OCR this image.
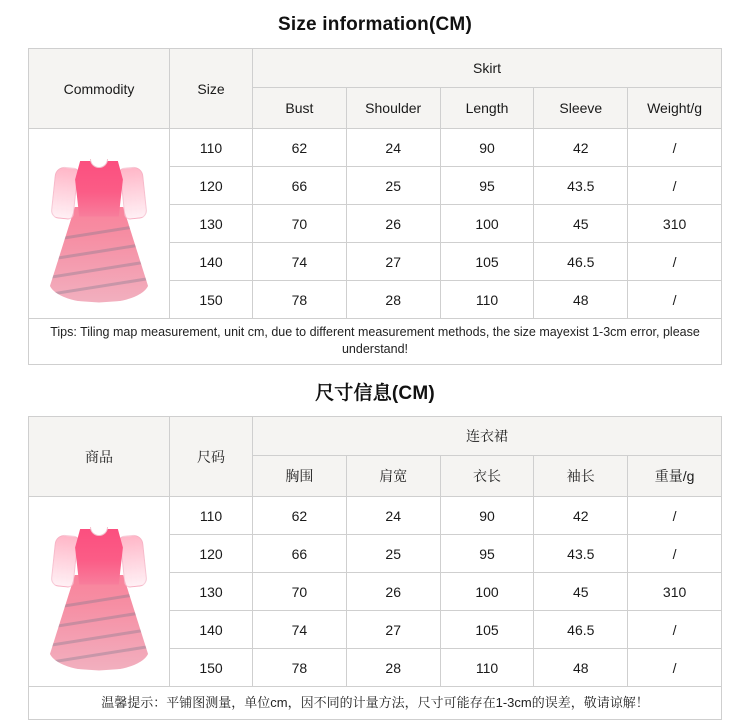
Size information(CM)
Commodity	Size	Skirt				
		Bust	Shoulder	Length	Sleeve	Weight/g

	110	62	24	90	42	/
	120	66	25	95	43.5	/
	130	70	26	100	45	310
	140	74	27	105	46.5	/
	150	78	28	110	48	/
Tips: Tiling map measurement, unit cm, due to different measurement methods, the size mayexist 1-3cm error, please understand!
尺寸信息(CM)
商品	尺码	连衣裙				
		胸围	肩宽	衣长	袖长	重量/g

	110	62	24	90	42	/
	120	66	25	95	43.5	/
	130	70	26	100	45	310
	140	74	27	105	46.5	/
	150	78	28	110	48	/
温馨提示：平铺图测量，单位cm，因不同的计量方法，尺寸可能存在1-3cm的误差，敬请谅解！
